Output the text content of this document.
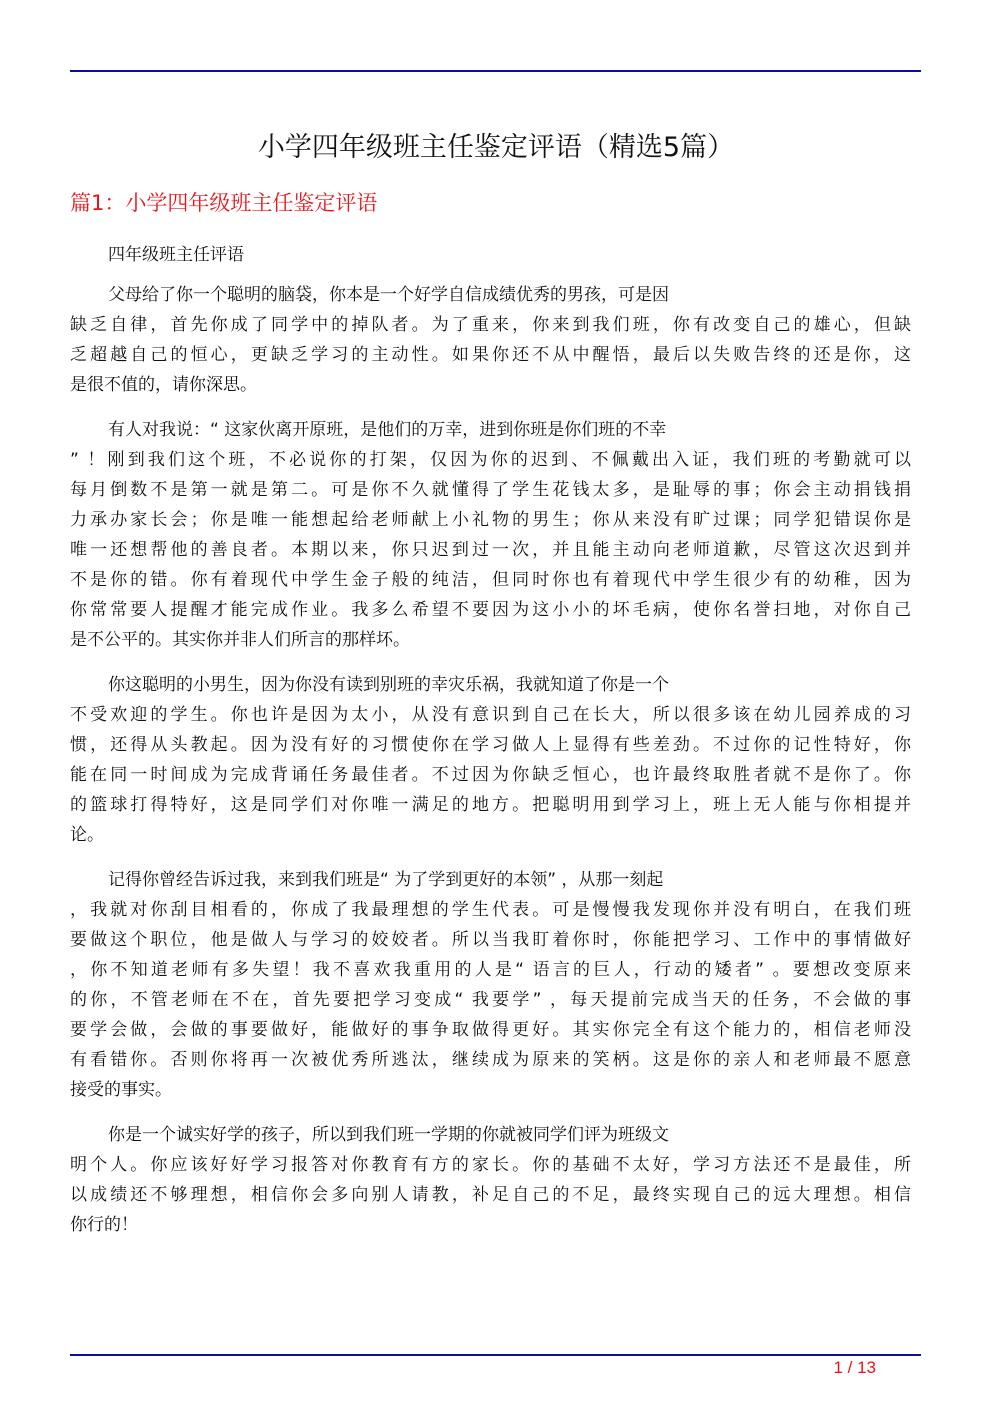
小学四年级班主任鉴定评语（精选5篇）
篇1：小学四年级班主任鉴定评语
四年级班主任评语
父母给了你一个聪明的脑袋，你本是一个好学自信成绩优秀的男孩，可是因
缺乏自律，首先你成了同学中的掉队者。为了重来，你来到我们班，你有改变自己的雄心，但缺
乏超越自己的恒心，更缺乏学习的主动性。如果你还不从中醒悟，最后以失败告终的还是你，这
是很不值的，请你深思。
有人对我说：“ 这家伙离开原班，是他们的万幸，进到你班是你们班的不幸
” ！刚到我们这个班，不必说你的打架，仅因为你的迟到、不佩戴出入证，我们班的考勤就可以
每月倒数不是第一就是第二。可是你不久就懂得了学生花钱太多，是耻辱的事；你会主动捐钱捐
力承办家长会；你是唯一能想起给老师献上小礼物的男生；你从来没有旷过课；同学犯错误你是
唯一还想帮他的善良者。本期以来，你只迟到过一次，并且能主动向老师道歉，尽管这次迟到并
不是你的错。你有着现代中学生金子般的纯洁，但同时你也有着现代中学生很少有的幼稚，因为
你常常要人提醒才能完成作业。我多么希望不要因为这小小的坏毛病，使你名誉扫地，对你自己
是不公平的。其实你并非人们所言的那样坏。
你这聪明的小男生，因为你没有读到别班的幸灾乐祸，我就知道了你是一个
不受欢迎的学生。你也许是因为太小，从没有意识到自己在长大，所以很多该在幼儿园养成的习
惯，还得从头教起。因为没有好的习惯使你在学习做人上显得有些差劲。不过你的记性特好，你
能在同一时间成为完成背诵任务最佳者。不过因为你缺乏恒心，也许最终取胜者就不是你了。你
的篮球打得特好，这是同学们对你唯一满足的地方。把聪明用到学习上，班上无人能与你相提并
论。
记得你曾经告诉过我，来到我们班是“ 为了学到更好的本领” ，从那一刻起
，我就对你刮目相看的，你成了我最理想的学生代表。可是慢慢我发现你并没有明白，在我们班
要做这个职位，他是做人与学习的姣姣者。所以当我盯着你时，你能把学习、工作中的事情做好
，你不知道老师有多失望！我不喜欢我重用的人是“ 语言的巨人，行动的矮者” 。要想改变原来
的你，不管老师在不在，首先要把学习变成“ 我要学” ，每天提前完成当天的任务，不会做的事
要学会做，会做的事要做好，能做好的事争取做得更好。其实你完全有这个能力的，相信老师没
有看错你。否则你将再一次被优秀所逃汰，继续成为原来的笑柄。这是你的亲人和老师最不愿意
接受的事实。
你是一个诚实好学的孩子，所以到我们班一学期的你就被同学们评为班级文
明个人。你应该好好学习报答对你教育有方的家长。你的基础不太好，学习方法还不是最佳，所
以成绩还不够理想，相信你会多向别人请教，补足自己的不足，最终实现自己的远大理想。相信
你行的！
1 / 13
